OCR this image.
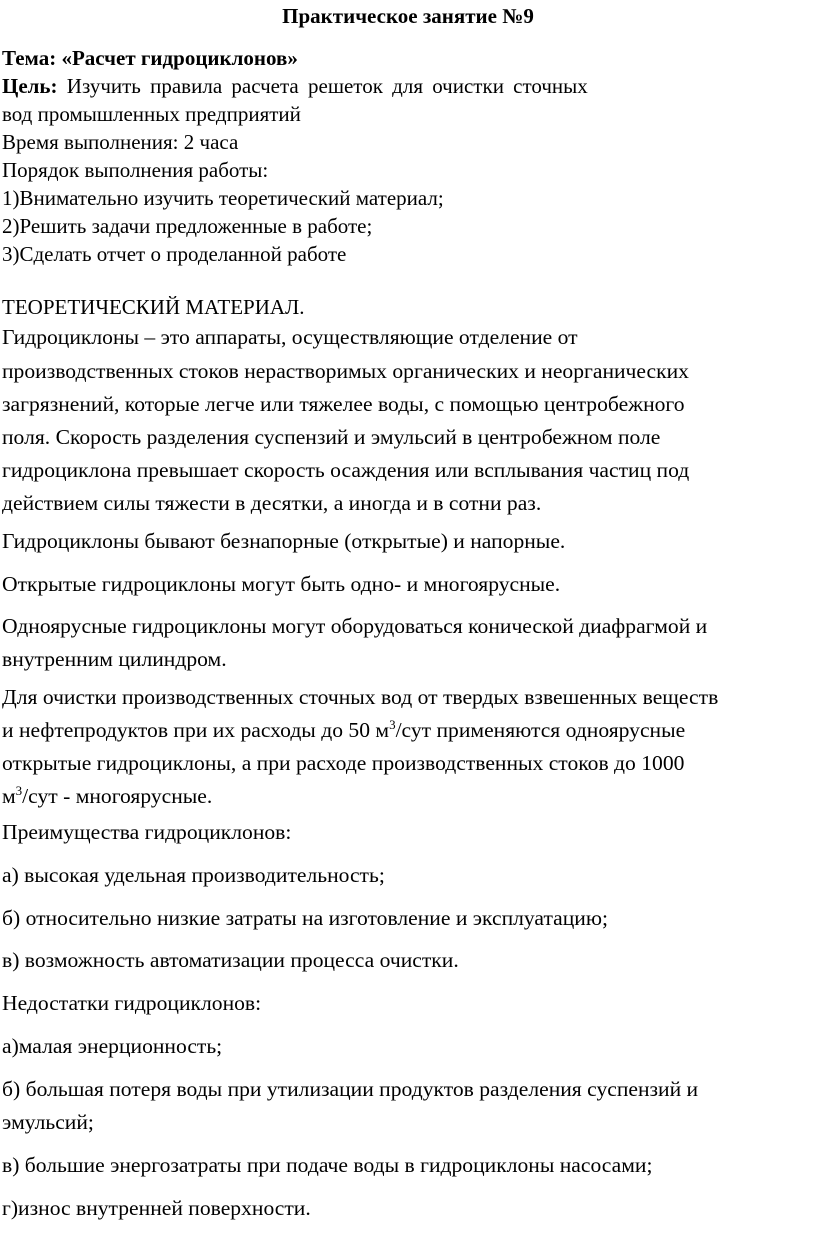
Практическое занятие №9
Тема: «Расчет гидроциклонов»
Цель: Изучить правила расчета решеток для очистки сточных
вод промышленных предприятий
Время выполнения: 2 часа
Порядок выполнения работы:
1)Внимательно изучить теоретический материал;
2)Решить задачи предложенные в работе;
3)Сделать отчет о проделанной работе
ТЕОРЕТИЧЕСКИЙ МАТЕРИАЛ.
Гидроциклоны – это аппараты, осуществляющие отделение от
производственных стоков нерастворимых органических и неорганических
загрязнений, которые легче или тяжелее воды, с помощью центробежного
поля. Скорость разделения суспензий и эмульсий в центробежном поле
гидроциклона превышает скорость осаждения или всплывания частиц под
действием силы тяжести в десятки, а иногда и в сотни раз.
Гидроциклоны бывают безнапорные (открытые) и напорные.
Открытые гидроциклоны могут быть одно- и многоярусные.
Одноярусные гидроциклоны могут оборудоваться конической диафрагмой и
внутренним цилиндром.
Для очистки производственных сточных вод от твердых взвешенных веществ
и нефтепродуктов при их расходы до 50 $м^3$/сут применяются одноярусные
открытые гидроциклоны, а при расходе производственных стоков до 1000
$м^3$/сут - многоярусные.
Преимущества гидроциклонов:
а) высокая удельная производительность;
б) относительно низкие затраты на изготовление и эксплуатацию;
в) возможность автоматизации процесса очистки.
Недостатки гидроциклонов:
а)малая энерционность;
б) большая потеря воды при утилизации продуктов разделения суспензий и
эмульсий;
в) большие энергозатраты при подаче воды в гидроциклоны насосами;
г)износ внутренней поверхности.
